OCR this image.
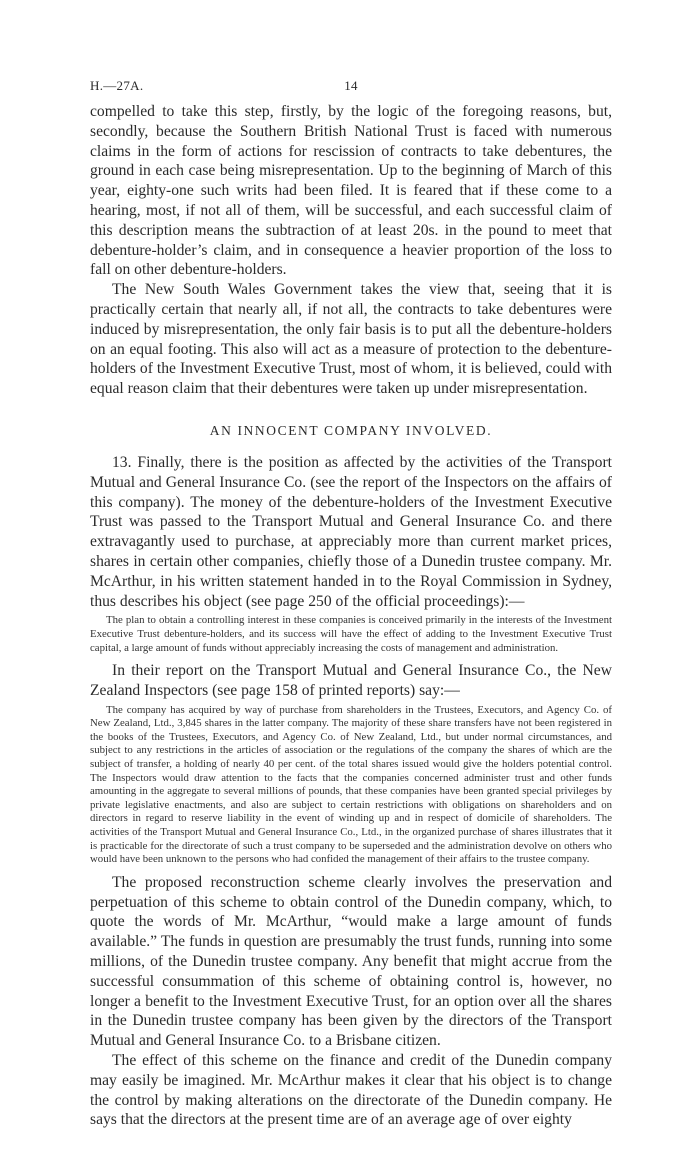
H.—27A.	14

compelled to take this step, firstly, by the logic of the foregoing reasons, but, secondly, because the Southern British National Trust is faced with numerous claims in the form of actions for rescission of contracts to take debentures, the ground in each case being misrepresentation. Up to the beginning of March of this year, eighty-one such writs had been filed. It is feared that if these come to a hearing, most, if not all of them, will be successful, and each successful claim of this description means the subtraction of at least 20s. in the pound to meet that debenture-holder’s claim, and in consequence a heavier proportion of the loss to fall on other debenture-holders.

The New South Wales Government takes the view that, seeing that it is practically certain that nearly all, if not all, the contracts to take debentures were induced by misrepresentation, the only fair basis is to put all the debenture-holders on an equal footing. This also will act as a measure of protection to the debenture-holders of the Investment Executive Trust, most of whom, it is believed, could with equal reason claim that their debentures were taken up under misrepresentation.

AN INNOCENT COMPANY INVOLVED.

13. Finally, there is the position as affected by the activities of the Transport Mutual and General Insurance Co. (see the report of the Inspectors on the affairs of this company). The money of the debenture-holders of the Investment Executive Trust was passed to the Transport Mutual and General Insurance Co. and there extravagantly used to purchase, at appreciably more than current market prices, shares in certain other companies, chiefly those of a Dunedin trustee company. Mr. McArthur, in his written statement handed in to the Royal Commission in Sydney, thus describes his object (see page 250 of the official proceedings):—

The plan to obtain a controlling interest in these companies is conceived primarily in the interests of the Investment Executive Trust debenture-holders, and its success will have the effect of adding to the Investment Executive Trust capital, a large amount of funds without appreciably increasing the costs of management and administration.

In their report on the Transport Mutual and General Insurance Co., the New Zealand Inspectors (see page 158 of printed reports) say:—

The company has acquired by way of purchase from shareholders in the Trustees, Executors, and Agency Co. of New Zealand, Ltd., 3,845 shares in the latter company. The majority of these share transfers have not been registered in the books of the Trustees, Executors, and Agency Co. of New Zealand, Ltd., but under normal circumstances, and subject to any restrictions in the articles of association or the regulations of the company the shares of which are the subject of transfer, a holding of nearly 40 per cent. of the total shares issued would give the holders potential control. The Inspectors would draw attention to the facts that the companies concerned administer trust and other funds amounting in the aggregate to several millions of pounds, that these companies have been granted special privileges by private legislative enactments, and also are subject to certain restrictions with obligations on shareholders and on directors in regard to reserve liability in the event of winding up and in respect of domicile of shareholders. The activities of the Transport Mutual and General Insurance Co., Ltd., in the organized purchase of shares illustrates that it is practicable for the directorate of such a trust company to be superseded and the administration devolve on others who would have been unknown to the persons who had confided the management of their affairs to the trustee company.

The proposed reconstruction scheme clearly involves the preservation and perpetuation of this scheme to obtain control of the Dunedin company, which, to quote the words of Mr. McArthur, “would make a large amount of funds available.” The funds in question are presumably the trust funds, running into some millions, of the Dunedin trustee company. Any benefit that might accrue from the successful consummation of this scheme of obtaining control is, however, no longer a benefit to the Investment Executive Trust, for an option over all the shares in the Dunedin trustee company has been given by the directors of the Transport Mutual and General Insurance Co. to a Brisbane citizen.

The effect of this scheme on the finance and credit of the Dunedin company may easily be imagined. Mr. McArthur makes it clear that his object is to change the control by making alterations on the directorate of the Dunedin company. He says that the directors at the present time are of an average age of over eighty
